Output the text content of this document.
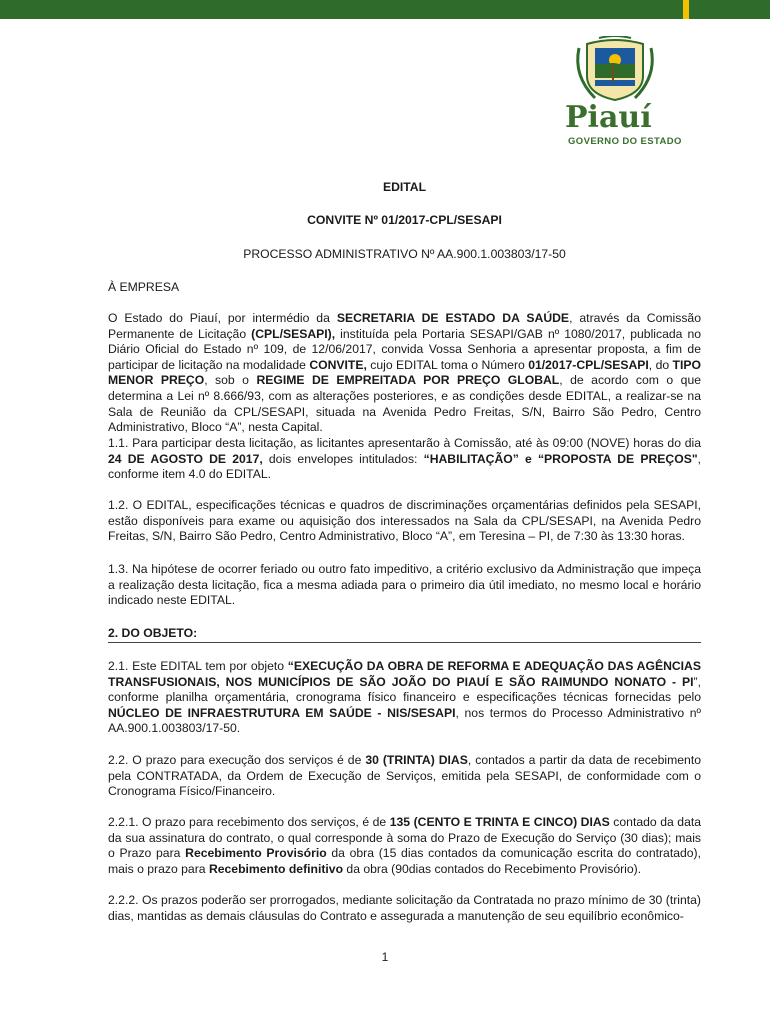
Piauí
GOVERNO DO ESTADO
EDITAL
CONVITE Nº 01/2017-CPL/SESAPI
PROCESSO ADMINISTRATIVO Nº AA.900.1.003803/17-50
À EMPRESA
O Estado do Piauí, por intermédio da SECRETARIA DE ESTADO DA SAÚDE, através da Comissão Permanente de Licitação (CPL/SESAPI), instituída pela Portaria SESAPI/GAB nº 1080/2017, publicada no Diário Oficial do Estado nº 109, de 12/06/2017, convida Vossa Senhoria a apresentar proposta, a fim de participar de licitação na modalidade CONVITE, cujo EDITAL toma o Número 01/2017-CPL/SESAPI, do TIPO MENOR PREÇO, sob o REGIME DE EMPREITADA POR PREÇO GLOBAL, de acordo com o que determina a Lei nº 8.666/93, com as alterações posteriores, e as condições desde EDITAL, a realizar-se na Sala de Reunião da CPL/SESAPI, situada na Avenida Pedro Freitas, S/N, Bairro São Pedro, Centro Administrativo, Bloco “A”, nesta Capital.
1.1. Para participar desta licitação, as licitantes apresentarão à Comissão, até às 09:00 (NOVE) horas do dia 24 DE AGOSTO DE 2017, dois envelopes intitulados: “HABILITAÇÃO” e “PROPOSTA DE PREÇOS", conforme item 4.0 do EDITAL.
1.2. O EDITAL, especificações técnicas e quadros de discriminações orçamentárias definidos pela SESAPI, estão disponíveis para exame ou aquisição dos interessados na Sala da CPL/SESAPI, na Avenida Pedro Freitas, S/N, Bairro São Pedro, Centro Administrativo, Bloco “A”, em Teresina – PI, de 7:30 às 13:30 horas.
1.3. Na hipótese de ocorrer feriado ou outro fato impeditivo, a critério exclusivo da Administração que impeça a realização desta licitação, fica a mesma adiada para o primeiro dia útil imediato, no mesmo local e horário indicado neste EDITAL.
2. DO OBJETO:
2.1. Este EDITAL tem por objeto “EXECUÇÃO DA OBRA DE REFORMA E ADEQUAÇÃO DAS AGÊNCIAS TRANSFUSIONAIS, NOS MUNICÍPIOS DE SÃO JOÃO DO PIAUÍ E SÃO RAIMUNDO NONATO - PI”, conforme planilha orçamentária, cronograma físico financeiro e especificações técnicas fornecidas pelo NÚCLEO DE INFRAESTRUTURA EM SAÚDE - NIS/SESAPI, nos termos do Processo Administrativo nº AA.900.1.003803/17-50.
2.2. O prazo para execução dos serviços é de 30 (TRINTA) DIAS, contados a partir da data de recebimento pela CONTRATADA, da Ordem de Execução de Serviços, emitida pela SESAPI, de conformidade com o Cronograma Físico/Financeiro.
2.2.1. O prazo para recebimento dos serviços, é de 135 (CENTO E TRINTA E CINCO) DIAS contado da data da sua assinatura do contrato, o qual corresponde à soma do Prazo de Execução do Serviço (30 dias); mais o Prazo para Recebimento Provisório da obra (15 dias contados da comunicação escrita do contratado), mais o prazo para Recebimento definitivo da obra (90dias contados do Recebimento Provisório).
2.2.2. Os prazos poderão ser prorrogados, mediante solicitação da Contratada no prazo mínimo de 30 (trinta) dias, mantidas as demais cláusulas do Contrato e assegurada a manutenção de seu equilíbrio econômico-
1
